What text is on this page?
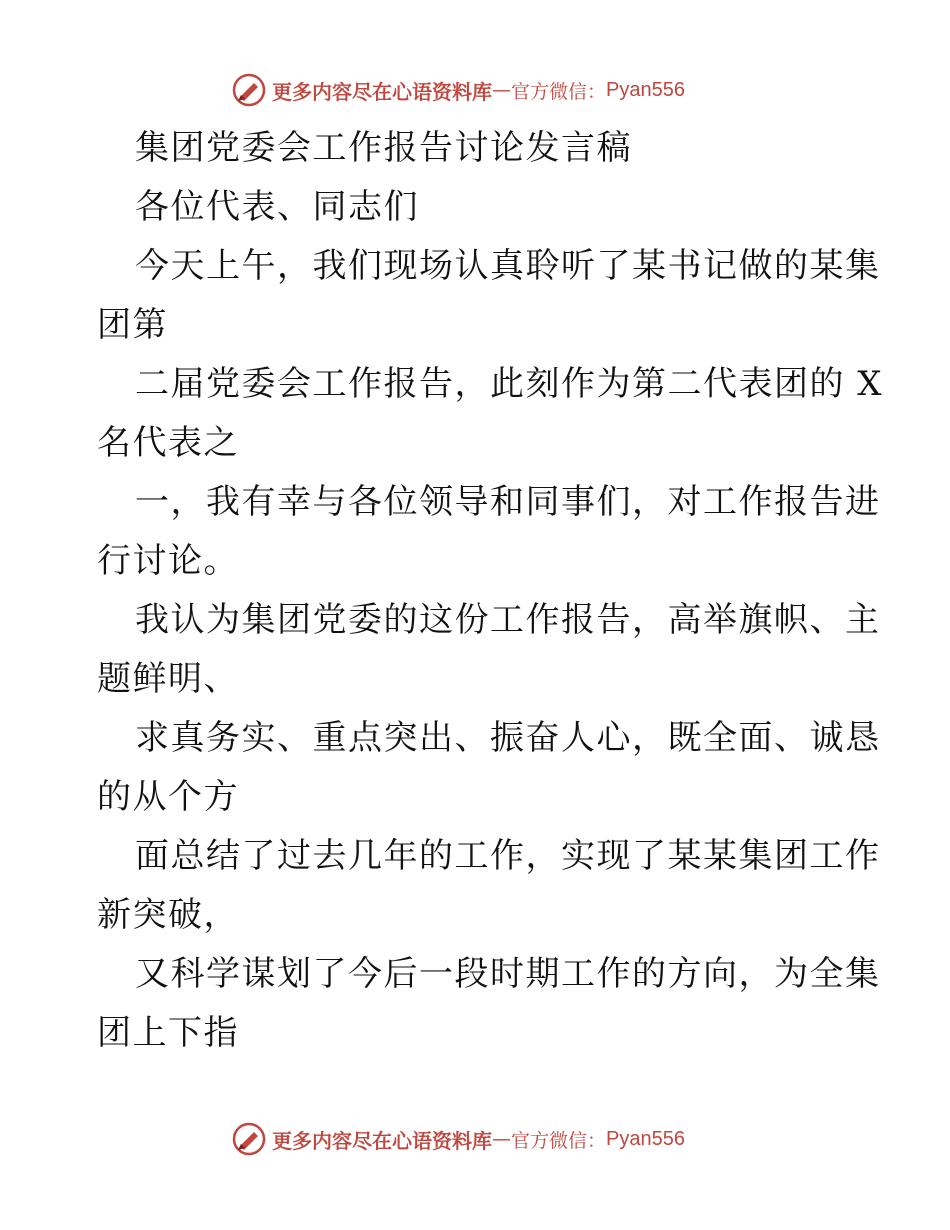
更多内容尽在心语资料库 — 官方微信： Pyan556
集团党委会工作报告讨论发言稿
各位代表、同志们
今天上午，我们现场认真聆听了某书记做的某集
团第
二届党委会工作报告，此刻作为第二代表团的 X
名代表之
一，我有幸与各位领导和同事们，对工作报告进
行讨论。
我认为集团党委的这份工作报告，高举旗帜、主
题鲜明、
求真务实、重点突出、振奋人心，既全面、诚恳
的从个方
面总结了过去几年的工作，实现了某某集团工作
新突破，
又科学谋划了今后一段时期工作的方向，为全集
团上下指
更多内容尽在心语资料库 — 官方微信： Pyan556
